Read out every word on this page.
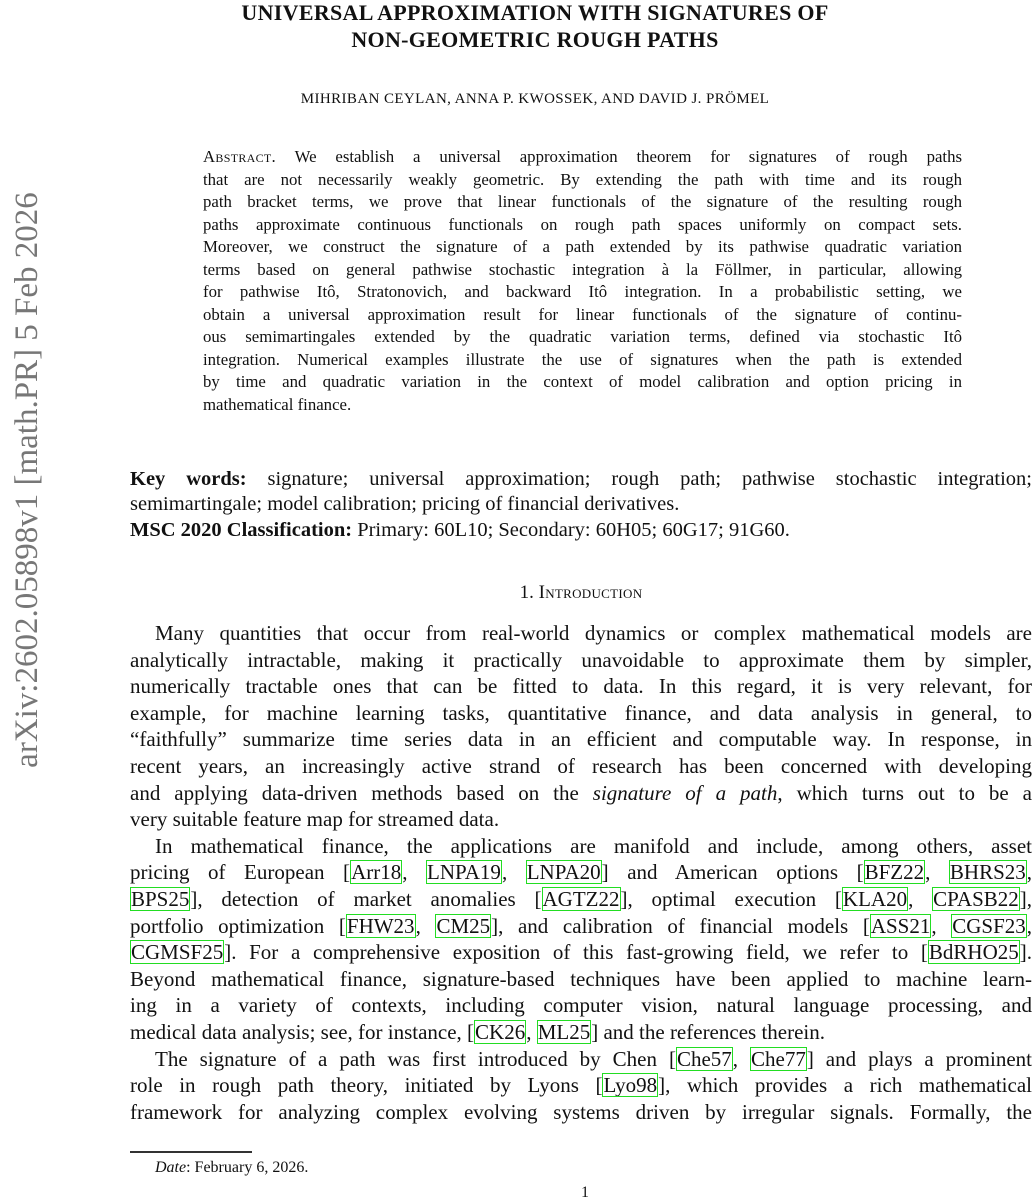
arXiv:2602.05898v1 [math.PR] 5 Feb 2026
UNIVERSAL APPROXIMATION WITH SIGNATURES OF
NON-GEOMETRIC ROUGH PATHS
MIHRIBAN CEYLAN, ANNA P. KWOSSEK, AND DAVID J. PRÖMEL
Abstract. We establish a universal approximation theorem for signatures of rough paths
that are not necessarily weakly geometric. By extending the path with time and its rough
path bracket terms, we prove that linear functionals of the signature of the resulting rough
paths approximate continuous functionals on rough path spaces uniformly on compact sets.
Moreover, we construct the signature of a path extended by its pathwise quadratic variation
terms based on general pathwise stochastic integration à la Föllmer, in particular, allowing
for pathwise Itô, Stratonovich, and backward Itô integration. In a probabilistic setting, we
obtain a universal approximation result for linear functionals of the signature of continu-
ous semimartingales extended by the quadratic variation terms, defined via stochastic Itô
integration. Numerical examples illustrate the use of signatures when the path is extended
by time and quadratic variation in the context of model calibration and option pricing in
mathematical finance.
Key words: signature; universal approximation; rough path; pathwise stochastic integration;
semimartingale; model calibration; pricing of financial derivatives.
MSC 2020 Classification: Primary: 60L10; Secondary: 60H05; 60G17; 91G60.
1. Introduction
Many quantities that occur from real-world dynamics or complex mathematical models are
analytically intractable, making it practically unavoidable to approximate them by simpler,
numerically tractable ones that can be fitted to data. In this regard, it is very relevant, for
example, for machine learning tasks, quantitative finance, and data analysis in general, to
“faithfully” summarize time series data in an efficient and computable way. In response, in
recent years, an increasingly active strand of research has been concerned with developing
and applying data-driven methods based on the signature of a path, which turns out to be a
very suitable feature map for streamed data.
In mathematical finance, the applications are manifold and include, among others, asset
pricing of European [Arr18, LNPA19, LNPA20] and American options [BFZ22, BHRS23,
BPS25], detection of market anomalies [AGTZ22], optimal execution [KLA20, CPASB22],
portfolio optimization [FHW23, CM25], and calibration of financial models [ASS21, CGSF23,
CGMSF25]. For a comprehensive exposition of this fast-growing field, we refer to [BdRHO25].
Beyond mathematical finance, signature-based techniques have been applied to machine learn-
ing in a variety of contexts, including computer vision, natural language processing, and
medical data analysis; see, for instance, [CK26, ML25] and the references therein.
The signature of a path was first introduced by Chen [Che57, Che77] and plays a prominent
role in rough path theory, initiated by Lyons [Lyo98], which provides a rich mathematical
framework for analyzing complex evolving systems driven by irregular signals. Formally, the
Date: February 6, 2026.
1
